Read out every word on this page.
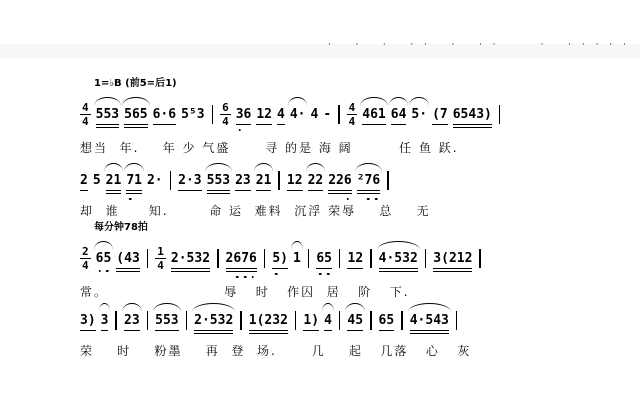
·   ·   ·   · ·   ·   · ·      ·   · · · · ·
1=♭B (前5=后1)
4
4 553 565 6·6 5⁵3 6
4 36 12 4 4· 4 - 4
4 461 64 5· (7 6543)
想当  年.    年 少 气盛      寻 的是 海 阔        任 鱼 跃.
2 5 21 71 2· 2·3 553 23 21 12 22 226 ²76
却  谁     知.       命 运  难料  沉浮 荣辱    总    无
每分钟78拍
2
4 65 (43 1
4 2·532 2676 5) 1 65 12 4·532 3(212
常。                    辱   时   作囚  居   阶   下.
3) 3 23 553 2·532 1(232 1) 4 45 65 4·543
荣    时    粉墨    再  登  场.      几    起   几落   心   灰
